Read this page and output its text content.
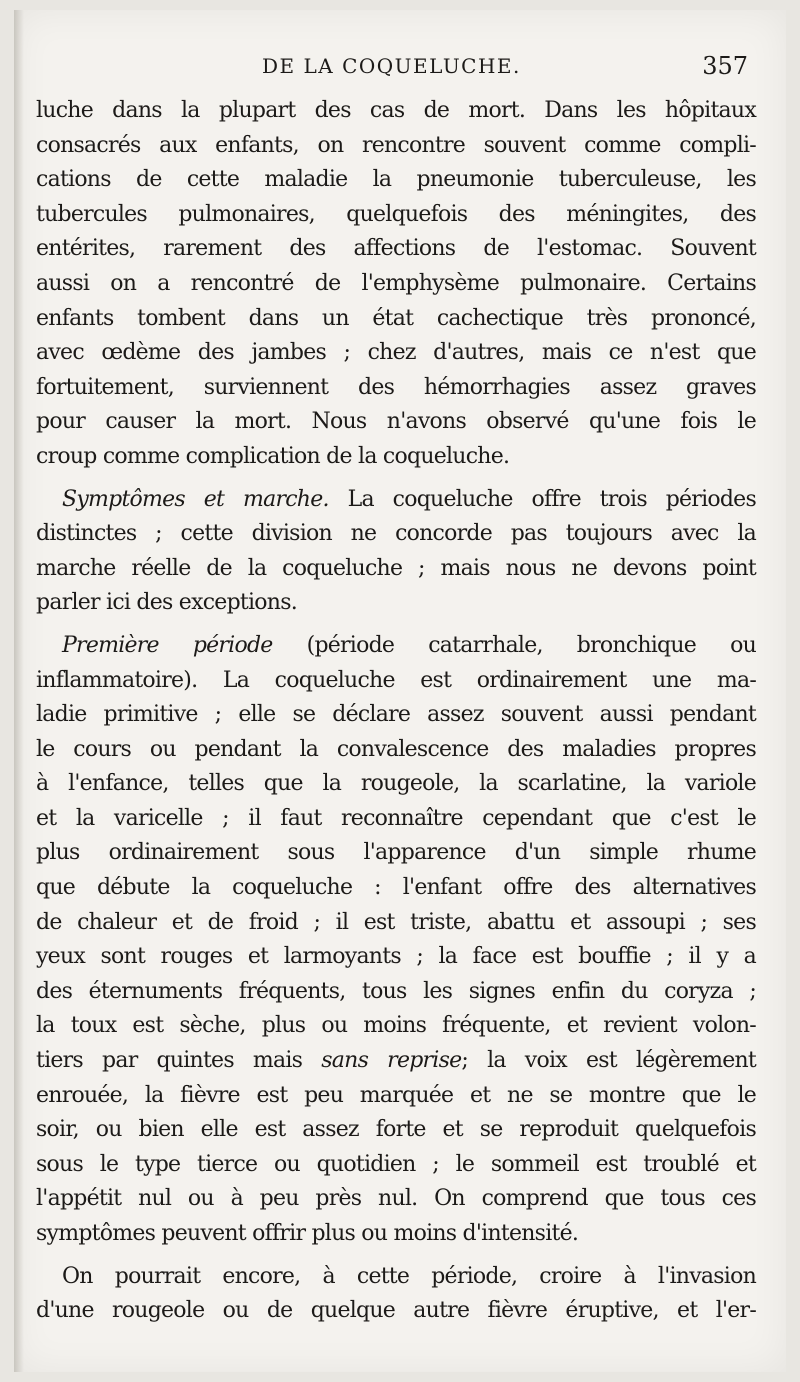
DE LA COQUELUCHE.	357
luche dans la plupart des cas de mort. Dans les hôpitaux
consacrés aux enfants, on rencontre souvent comme compli-
cations de cette maladie la pneumonie tuberculeuse, les
tubercules pulmonaires, quelquefois des méningites, des
entérites, rarement des affections de l'estomac. Souvent
aussi on a rencontré de l'emphysème pulmonaire. Certains
enfants tombent dans un état cachectique très prononcé,
avec œdème des jambes ; chez d'autres, mais ce n'est que
fortuitement, surviennent des hémorrhagies assez graves
pour causer la mort. Nous n'avons observé qu'une fois le
croup comme complication de la coqueluche.
Symptômes et marche. La coqueluche offre trois périodes
distinctes ; cette division ne concorde pas toujours avec la
marche réelle de la coqueluche ; mais nous ne devons point
parler ici des exceptions.
Première période (période catarrhale, bronchique ou
inflammatoire). La coqueluche est ordinairement une ma-
ladie primitive ; elle se déclare assez souvent aussi pendant
le cours ou pendant la convalescence des maladies propres
à l'enfance, telles que la rougeole, la scarlatine, la variole
et la varicelle ; il faut reconnaître cependant que c'est le
plus ordinairement sous l'apparence d'un simple rhume
que débute la coqueluche : l'enfant offre des alternatives
de chaleur et de froid ; il est triste, abattu et assoupi ; ses
yeux sont rouges et larmoyants ; la face est bouffie ; il y a
des éternuments fréquents, tous les signes enfin du coryza ;
la toux est sèche, plus ou moins fréquente, et revient volon-
tiers par quintes mais sans reprise; la voix est légèrement
enrouée, la fièvre est peu marquée et ne se montre que le
soir, ou bien elle est assez forte et se reproduit quelquefois
sous le type tierce ou quotidien ; le sommeil est troublé et
l'appétit nul ou à peu près nul. On comprend que tous ces
symptômes peuvent offrir plus ou moins d'intensité.
On pourrait encore, à cette période, croire à l'invasion
d'une rougeole ou de quelque autre fièvre éruptive, et l'er-
